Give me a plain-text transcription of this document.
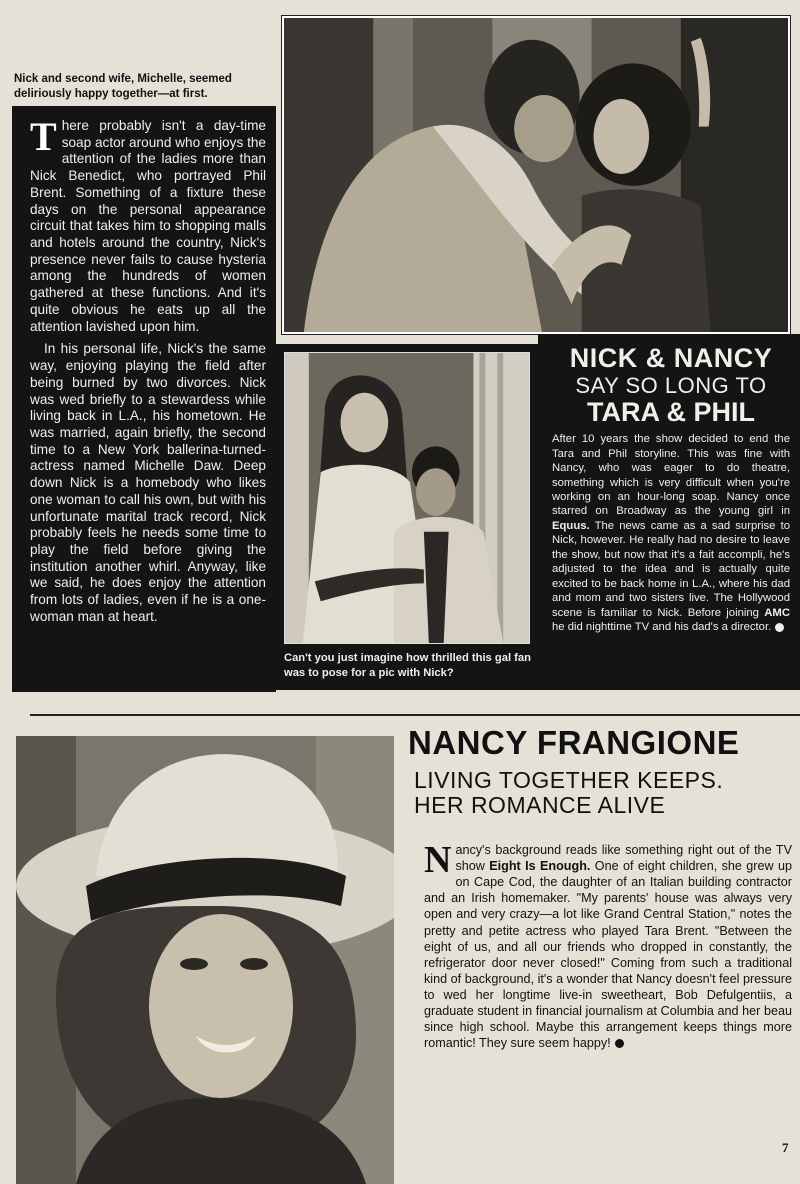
Nick and second wife, Michelle, seemed deliriously happy together—at first.

There probably isn't a day-time soap actor around who enjoys the attention of the ladies more than Nick Benedict, who portrayed Phil Brent. Something of a fixture these days on the personal appearance circuit that takes him to shopping malls and hotels around the country, Nick's presence never fails to cause hysteria among the hundreds of women gathered at these functions. And it's quite obvious he eats up all the attention lavished upon him.

In his personal life, Nick's the same way, enjoying playing the field after being burned by two divorces. Nick was wed briefly to a stewardess while living back in L.A., his hometown. He was married, again briefly, the second time to a New York ballerina-turned-actress named Michelle Daw. Deep down Nick is a homebody who likes one woman to call his own, but with his unfortunate marital track record, Nick probably feels he needs some time to play the field before giving the institution another whirl. Anyway, like we said, he does enjoy the attention from lots of ladies, even if he is a one-woman man at heart.

Can't you just imagine how thrilled this gal fan was to pose for a pic with Nick?
NICK & NANCY
SAY SO LONG TO
TARA & PHIL
After 10 years the show decided to end the Tara and Phil storyline. This was fine with Nancy, who was eager to do theatre, something which is very difficult when you're working on an hour-long soap. Nancy once starred on Broadway as the young girl in Equus. The news came as a sad surprise to Nick, however. He really had no desire to leave the show, but now that it's a fait accompli, he's adjusted to the idea and is actually quite excited to be back home in L.A., where his dad and mom and two sisters live. The Hollywood scene is familiar to Nick. Before joining AMC he did nighttime TV and his dad's a director.
NANCY FRANGIONE
LIVING TOGETHER KEEPS.
HER ROMANCE ALIVE
Nancy's background reads like something right out of the TV show Eight Is Enough. One of eight children, she grew up on Cape Cod, the daughter of an Italian building contractor and an Irish homemaker. "My parents' house was always very open and very crazy—a lot like Grand Central Station," notes the pretty and petite actress who played Tara Brent. "Between the eight of us, and all our friends who dropped in constantly, the refrigerator door never closed!" Coming from such a traditional kind of background, it's a wonder that Nancy doesn't feel pressure to wed her longtime live-in sweetheart, Bob Defulgentiis, a graduate student in financial journalism at Columbia and her beau since high school. Maybe this arrangement keeps things more romantic! They sure seem happy!
7
